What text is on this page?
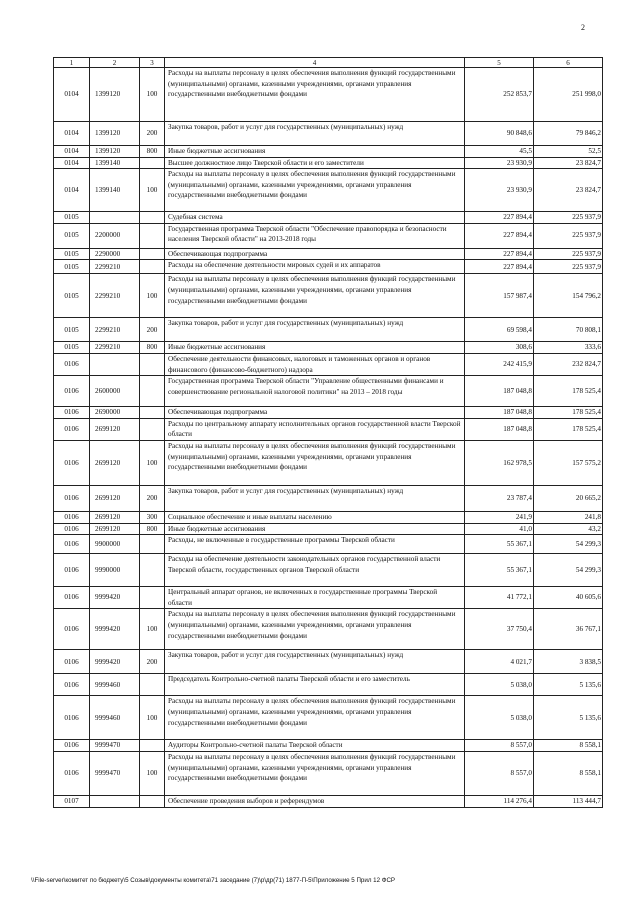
2
1	2	3	4	5	6
0104	1399120	100	Расходы на выплаты персоналу в целях обеспечения выполнения функций государственными (муниципальными) органами, казенными учреждениями, органами управления государственными внебюджетными фондами	252 853,7	251 998,0
0104	1399120	200	Закупка товаров, работ и услуг для государственных (муниципальных) нужд	90 848,6	79 846,2
0104	1399120	800	Иные бюджетные ассигнования	45,5	52,5
0104	1399140		Высшее должностное лицо Тверской области и его заместители	23 930,9	23 824,7
0104	1399140	100	Расходы на выплаты персоналу в целях обеспечения выполнения функций государственными (муниципальными) органами, казенными учреждениями, органами управления государственными внебюджетными фондами	23 930,9	23 824,7
0105			Судебная система	227 894,4	225 937,9
0105	2200000		Государственная программа Тверской области "Обеспечение правопорядка и безопасности населения Тверской области" на 2013-2018 годы	227 894,4	225 937,9
0105	2290000		Обеспечивающая подпрограмма	227 894,4	225 937,9
0105	2299210		Расходы на обеспечение деятельности мировых судей и их аппаратов	227 894,4	225 937,9
0105	2299210	100	Расходы на выплаты персоналу в целях обеспечения выполнения функций государственными (муниципальными) органами, казенными учреждениями, органами управления государственными внебюджетными фондами	157 987,4	154 796,2
0105	2299210	200	Закупка товаров, работ и услуг для государственных (муниципальных) нужд	69 598,4	70 808,1
0105	2299210	800	Иные бюджетные ассигнования	308,6	333,6
0106			Обеспечение деятельности финансовых, налоговых и таможенных органов и органов финансового (финансово-бюджетного) надзора	242 415,9	232 824,7
0106	2600000		Государственная программа Тверской области "Управление общественными финансами и совершенствование региональной налоговой политики" на 2013 – 2018 годы	187 048,8	178 525,4
0106	2690000		Обеспечивающая подпрограмма	187 048,8	178 525,4
0106	2699120		Расходы по центральному аппарату исполнительных органов государственной власти Тверской области	187 048,8	178 525,4
0106	2699120	100	Расходы на выплаты персоналу в целях обеспечения выполнения функций государственными (муниципальными) органами, казенными учреждениями, органами управления государственными внебюджетными фондами	162 978,5	157 575,2
0106	2699120	200	Закупка товаров, работ и услуг для государственных (муниципальных) нужд	23 787,4	20 665,2
0106	2699120	300	Социальное обеспечение и иные выплаты населению	241,9	241,8
0106	2699120	800	Иные бюджетные ассигнования	41,0	43,2
0106	9900000		Расходы, не включенные в государственные программы Тверской области	55 367,1	54 299,3
0106	9990000		Расходы на обеспечение деятельности законодательных органов государственной власти Тверской области, государственных органов Тверской области	55 367,1	54 299,3
0106	9999420		Центральный аппарат органов, не включенных в государственные программы Тверской области	41 772,1	40 605,6
0106	9999420	100	Расходы на выплаты персоналу в целях обеспечения выполнения функций государственными (муниципальными) органами, казенными учреждениями, органами управления государственными внебюджетными фондами	37 750,4	36 767,1
0106	9999420	200	Закупка товаров, работ и услуг для государственных (муниципальных) нужд	4 021,7	3 838,5
0106	9999460		Председатель Контрольно-счетной палаты Тверской области и его заместитель	5 038,0	5 135,6
0106	9999460	100	Расходы на выплаты персоналу в целях обеспечения выполнения функций государственными (муниципальными) органами, казенными учреждениями, органами управления государственными внебюджетными фондами	5 038,0	5 135,6
0106	9999470		Аудиторы Контрольно-счетной палаты Тверской области	8 557,0	8 558,1
0106	9999470	100	Расходы на выплаты персоналу в целях обеспечения выполнения функций государственными (муниципальными) органами, казенными учреждениями, органами управления государственными внебюджетными фондами	8 557,0	8 558,1
0107			Обеспечение проведения выборов и референдумов	114 276,4	113 444,7
\\File-server\комитет по бюджету\5 Созыв\документы комитета\71 заседание (7)\р\др(71) 1877-П-5\Приложение 5 Прил 12 ФСР
